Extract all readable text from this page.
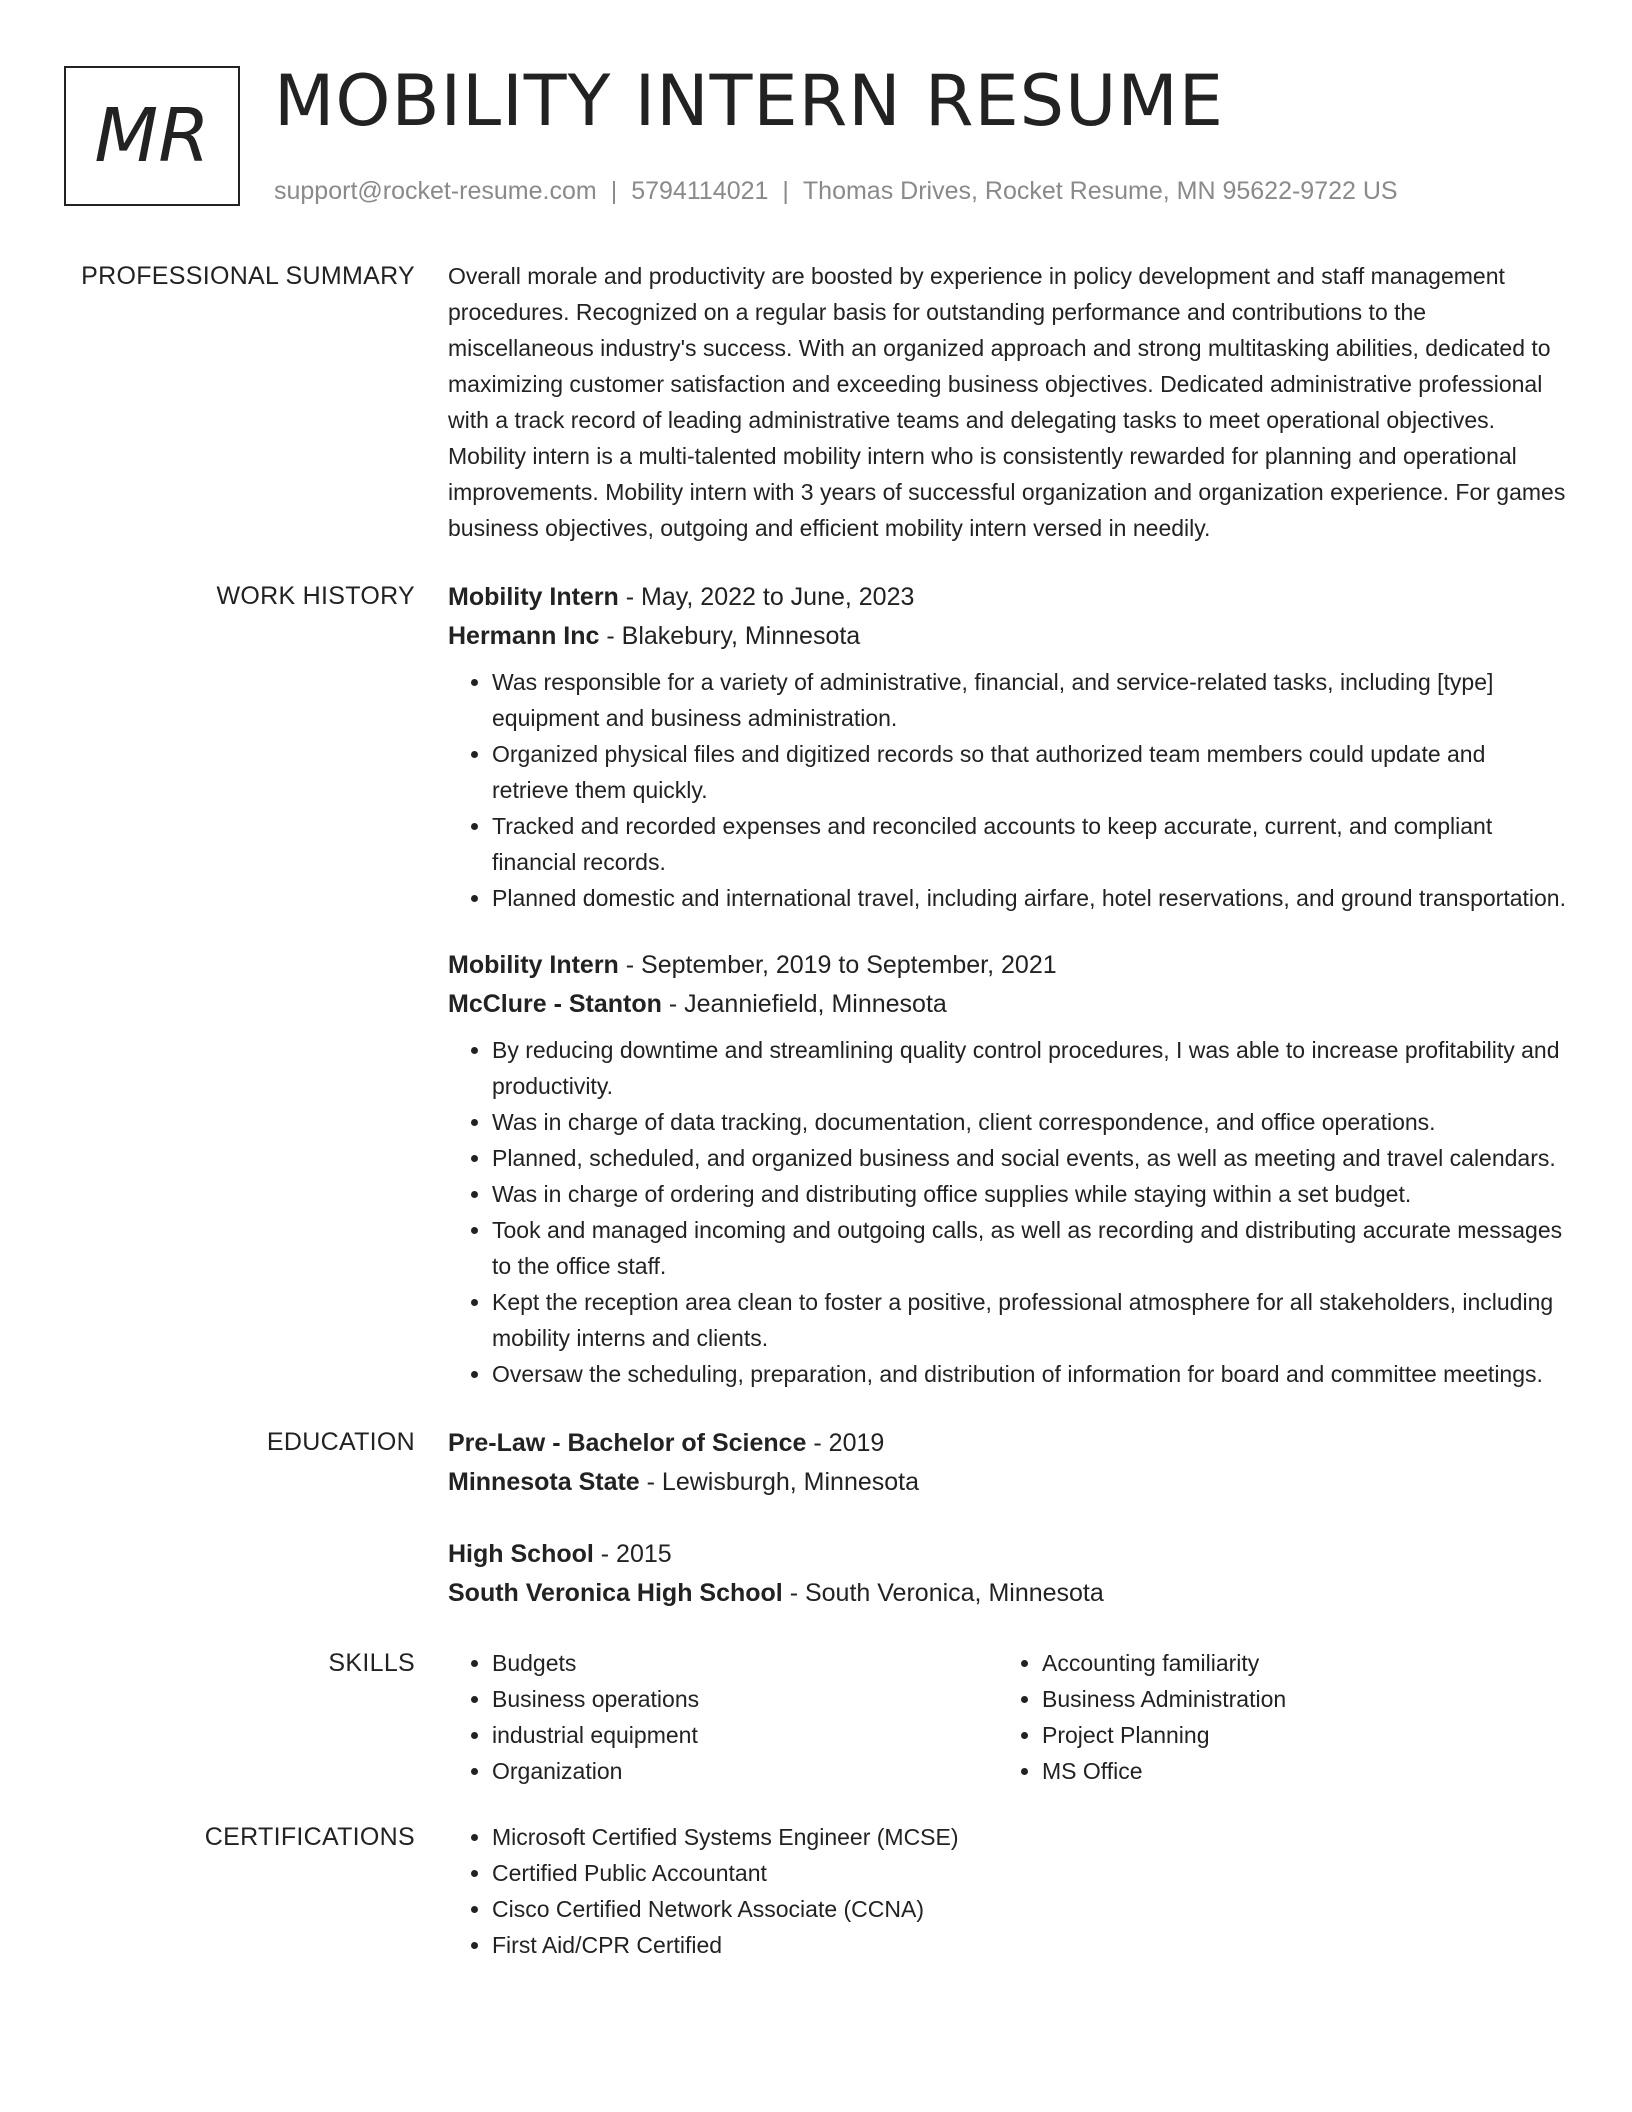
MR MOBILITY INTERN RESUME
support@rocket-resume.com | 5794114021 | Thomas Drives, Rocket Resume, MN 95622-9722 US
PROFESSIONAL SUMMARY Overall morale and productivity are boosted by experience in policy development and staff management procedures. Recognized on a regular basis for outstanding performance and contributions to the miscellaneous industry's success. With an organized approach and strong multitasking abilities, dedicated to maximizing customer satisfaction and exceeding business objectives. Dedicated administrative professional with a track record of leading administrative teams and delegating tasks to meet operational objectives. Mobility intern is a multi-talented mobility intern who is consistently rewarded for planning and operational improvements. Mobility intern with 3 years of successful organization and organization experience. For games business objectives, outgoing and efficient mobility intern versed in needily.

WORK HISTORY Mobility Intern - May, 2022 to June, 2023
Hermann Inc - Blakebury, Minnesota
• Was responsible for a variety of administrative, financial, and service-related tasks, including [type] equipment and business administration.
• Organized physical files and digitized records so that authorized team members could update and retrieve them quickly.
• Tracked and recorded expenses and reconciled accounts to keep accurate, current, and compliant financial records.
• Planned domestic and international travel, including airfare, hotel reservations, and ground transportation.
Mobility Intern - September, 2019 to September, 2021
McClure - Stanton - Jeanniefield, Minnesota
• By reducing downtime and streamlining quality control procedures, I was able to increase profitability and productivity.
• Was in charge of data tracking, documentation, client correspondence, and office operations.
• Planned, scheduled, and organized business and social events, as well as meeting and travel calendars.
• Was in charge of ordering and distributing office supplies while staying within a set budget.
• Took and managed incoming and outgoing calls, as well as recording and distributing accurate messages to the office staff.
• Kept the reception area clean to foster a positive, professional atmosphere for all stakeholders, including mobility interns and clients.
• Oversaw the scheduling, preparation, and distribution of information for board and committee meetings.
EDUCATION Pre-Law - Bachelor of Science - 2019
Minnesota State - Lewisburgh, Minnesota
High School - 2015
South Veronica High School - South Veronica, Minnesota
SKILLS	• Budgets
• Business operations
• industrial equipment
• Organization
• Accounting familiarity
• Business Administration
• Project Planning
• MS Office
CERTIFICATIONS	• Microsoft Certified Systems Engineer (MCSE)
• Certified Public Accountant
• Cisco Certified Network Associate (CCNA)
• First Aid/CPR Certified
